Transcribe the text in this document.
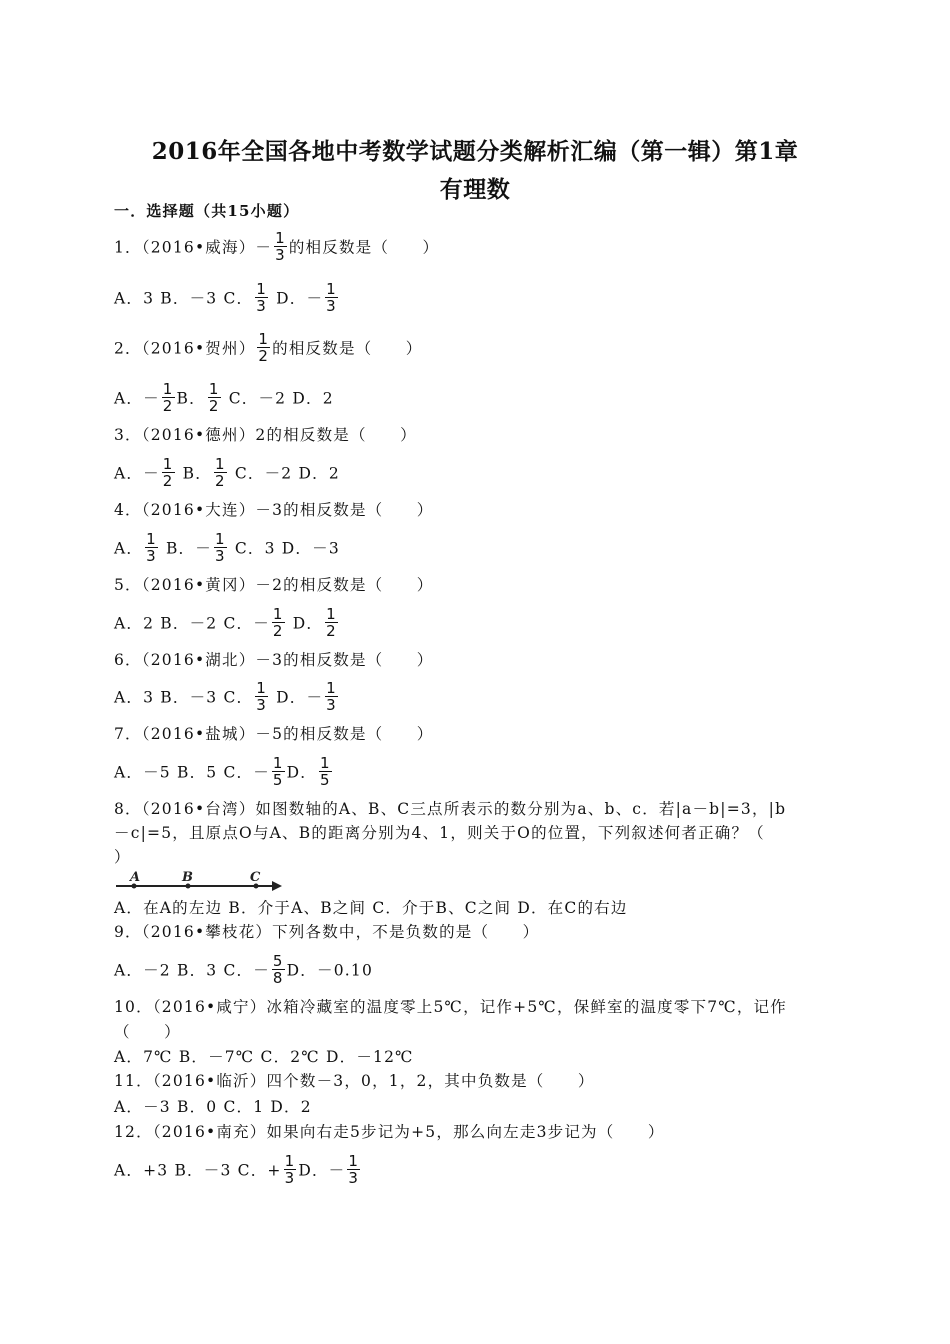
2016年全国各地中考数学试题分类解析汇编（第一辑）第1章
有理数
一．选择题（共15小题）
1．（2016•威海）－ $\frac{1}{3}$ 的相反数是（　　）
A．3 B．－3 C． $\frac{1}{3}$ D．－ $\frac{1}{3}$
2．（2016•贺州） $\frac{1}{2}$ 的相反数是（　　）
A．－ $\frac{1}{2}$ B． $\frac{1}{2}$ C．－2 D．2
3．（2016•德州）2的相反数是（　　）
A．－ $\frac{1}{2}$ B． $\frac{1}{2}$ C．－2 D．2
4．（2016•大连）－3的相反数是（　　）
A． $\frac{1}{3}$ B．－ $\frac{1}{3}$ C．3 D．－3
5．（2016•黄冈）－2的相反数是（　　）
A．2 B．－2 C．－ $\frac{1}{2}$ D． $\frac{1}{2}$
6．（2016•湖北）－3的相反数是（　　）
A．3 B．－3 C． $\frac{1}{3}$ D．－ $\frac{1}{3}$
7．（2016•盐城）－5的相反数是（　　）
A．－5 B．5 C．－ $\frac{1}{5}$ D． $\frac{1}{5}$
8．（2016•台湾）如图数轴的A、B、C三点所表示的数分别为a、b、c．若|a－b|=3，|b
－c|=5，且原点O与A、B的距离分别为4、1，则关于O的位置，下列叙述何者正确？（
）
A	B	C
A．在A的左边 B．介于A、B之间 C．介于B、C之间 D．在C的右边
9．（2016•攀枝花）下列各数中，不是负数的是（　　）
A．－2 B．3 C．－ $\frac{5}{8}$ D．－0.10
10．（2016•咸宁）冰箱冷藏室的温度零上5℃，记作+5℃，保鲜室的温度零下7℃，记作
（　　）
A．7℃ B．－7℃ C．2℃ D．－12℃
11．（2016•临沂）四个数－3，0，1，2，其中负数是（　　）
A．－3 B．0 C．1 D．2
12．（2016•南充）如果向右走5步记为+5，那么向左走3步记为（　　）
A．+3 B．－3 C．+ $\frac{1}{3}$ D．－ $\frac{1}{3}$
